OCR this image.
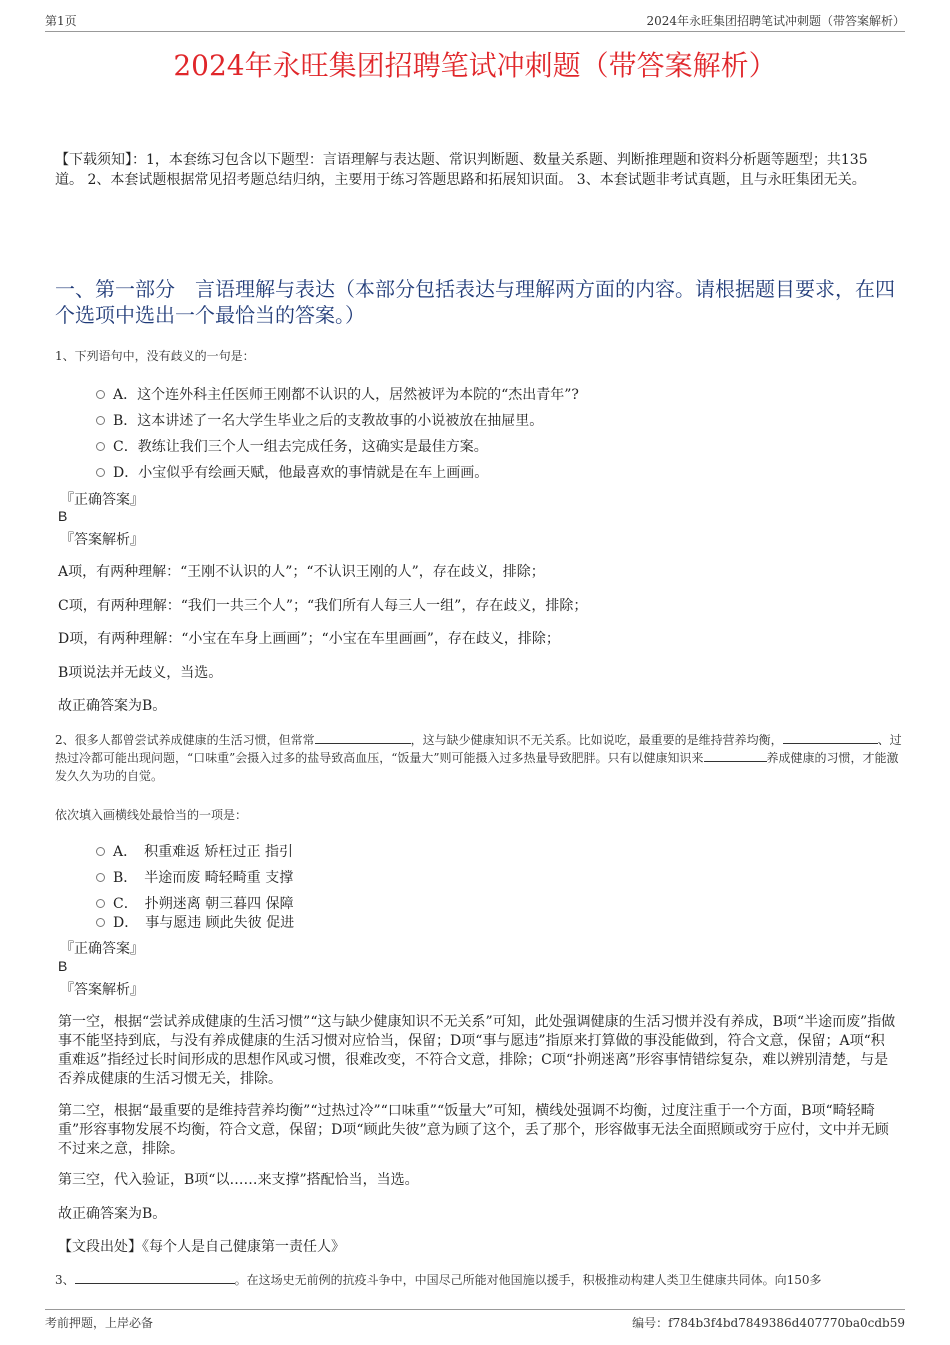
第1页	2024年永旺集团招聘笔试冲刺题（带答案解析）
2024年永旺集团招聘笔试冲刺题（带答案解析）
【下载须知】：1，本套练习包含以下题型：言语理解与表达题、常识判断题、数量关系题、判断推理题和资料分析题等题型；共135道。 2、本套试题根据常见招考题总结归纳，主要用于练习答题思路和拓展知识面。 3、本套试题非考试真题，且与永旺集团无关。
一、第一部分　言语理解与表达（本部分包括表达与理解两方面的内容。请根据题目要求，在四个选项中选出一个最恰当的答案。）
1、下列语句中，没有歧义的一句是：
A．这个连外科主任医师王刚都不认识的人，居然被评为本院的“杰出青年”?
B．这本讲述了一名大学生毕业之后的支教故事的小说被放在抽屉里。
C．教练让我们三个人一组去完成任务，这确实是最佳方案。
D．小宝似乎有绘画天赋，他最喜欢的事情就是在车上画画。
『正确答案』
B
『答案解析』
A项，有两种理解：“王刚不认识的人”；“不认识王刚的人”，存在歧义，排除；
C项，有两种理解：“我们一共三个人”；“我们所有人每三人一组”，存在歧义，排除；
D项，有两种理解：“小宝在车身上画画”；“小宝在车里画画”，存在歧义，排除；
B项说法并无歧义，当选。
故正确答案为B。
2、很多人都曾尝试养成健康的生活习惯，但常常	，这与缺少健康知识不无关系。比如说吃，最重要的是维持营养均衡，	、过热过冷都可能出现问题，“口味重”会摄入过多的盐导致高血压，“饭量大”则可能摄入过多热量导致肥胖。只有以健康知识来	养成健康的习惯，才能激发久久为功的自觉。
依次填入画横线处最恰当的一项是：
A．　积重难返 矫枉过正 指引
B．　半途而废 畸轻畸重 支撑
C．　扑朔迷离 朝三暮四 保障
D．　事与愿违 顾此失彼 促进
『正确答案』
B
『答案解析』
第一空，根据“尝试养成健康的生活习惯”“这与缺少健康知识不无关系”可知，此处强调健康的生活习惯并没有养成，B项“半途而废”指做事不能坚持到底，与没有养成健康的生活习惯对应恰当，保留；D项“事与愿违”指原来打算做的事没能做到，符合文意，保留；A项“积重难返”指经过长时间形成的思想作风或习惯，很难改变，不符合文意，排除；C项“扑朔迷离”形容事情错综复杂，难以辨别清楚，与是否养成健康的生活习惯无关，排除。
第二空，根据“最重要的是维持营养均衡”“过热过冷”“口味重”“饭量大”可知，横线处强调不均衡，过度注重于一个方面，B项“畸轻畸重”形容事物发展不均衡，符合文意，保留；D项“顾此失彼”意为顾了这个，丢了那个，形容做事无法全面照顾或穷于应付，文中并无顾不过来之意，排除。
第三空，代入验证，B项“以……来支撑”搭配恰当，当选。
故正确答案为B。
【文段出处】《每个人是自己健康第一责任人》
3、	。在这场史无前例的抗疫斗争中，中国尽己所能对他国施以援手，积极推动构建人类卫生健康共同体。向150多
考前押题，上岸必备	编号：f784b3f4bd7849386d407770ba0cdb59
